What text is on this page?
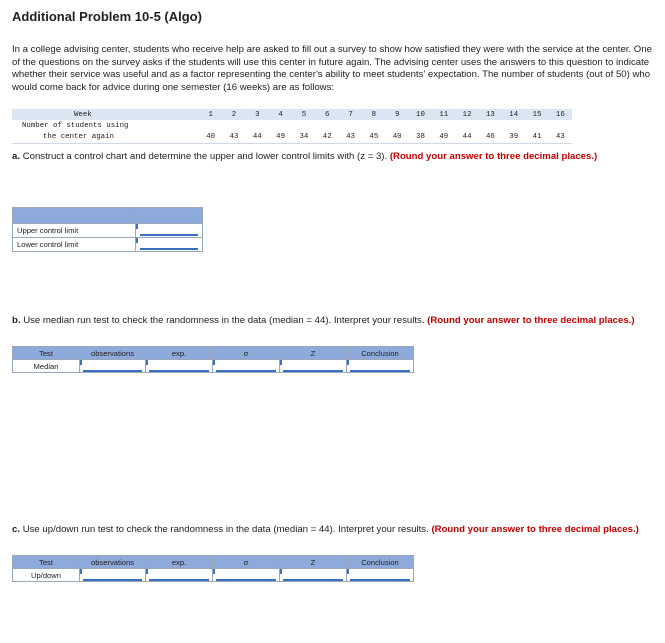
Additional Problem 10-5 (Algo)
In a college advising center, students who receive help are asked to fill out a survey to show how satisfied they were with the service at the center. One of the questions on the survey asks if the students will use this center in future again. The advising center uses the answers to this question to indicate whether their service was useful and as a factor representing the center's ability to meet students' expectation. The number of students (out of 50) who would come back for advice during one semester (16 weeks) are as follows:
Week	1	2	3	4	5	6	7	8	9	10	11	12	13	14	15	16
Number of students using																
the center again	40	43	44	49	34	42	43	45	40	38	49	44	46	39	41	43
a. Construct a control chart and determine the upper and lower control limits with (z = 3). (Round your answer to three decimal places.)

Upper control limit	

Lower control limit	
b. Use median run test to check the randomness in the data (median = 44). Interpret your results. (Round your answer to three decimal places.)
Test	observations	exp.	σ	Z	Conclusion
Median	

c. Use up/down run test to check the randomness in the data (median = 44). Interpret your results. (Round your answer to three decimal places.)
Test	observations	exp.	σ	Z	Conclusion
Up/down	
